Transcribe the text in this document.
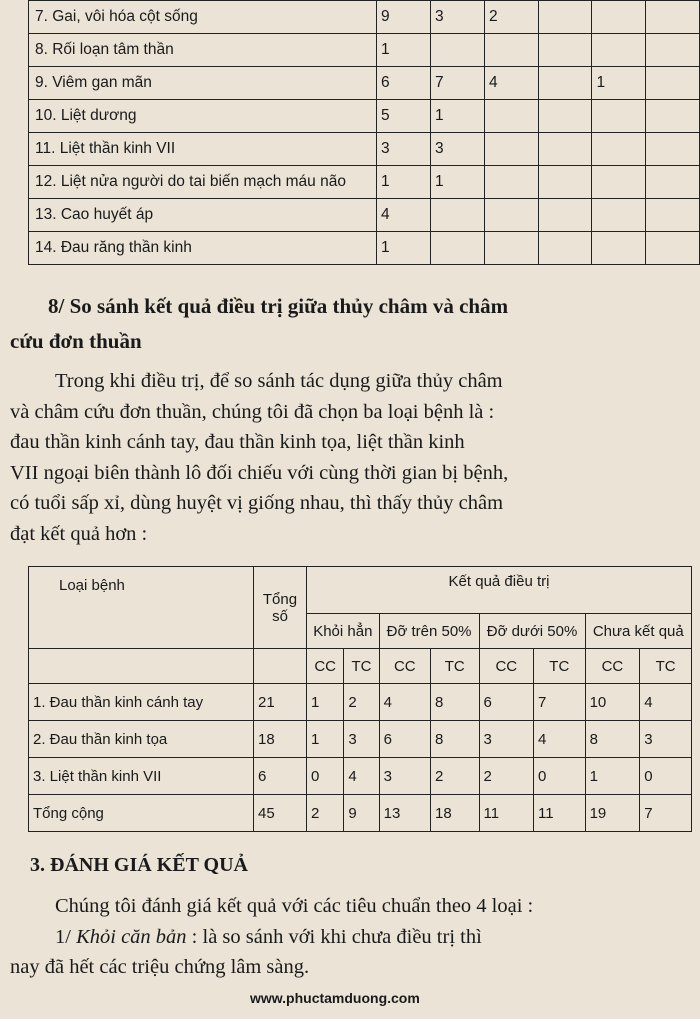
7. Gai, vôi hóa cột sống	9	3	2			
8. Rối loạn tâm thần	1					
9. Viêm gan mãn	6	7	4		1	
10. Liệt dương	5	1				
11. Liệt thần kinh VII	3	3				
12. Liệt nửa người do tai biến mạch máu não	1	1				
13. Cao huyết áp	4					
14. Đau răng thần kinh	1					
8/ So sánh kết quả điều trị giữa thủy châm và châm
cứu đơn thuần
Trong khi điều trị, để so sánh tác dụng giữa thủy châm
và châm cứu đơn thuần, chúng tôi đã chọn ba loại bệnh là :
đau thần kinh cánh tay, đau thần kinh tọa, liệt thần kinh
VII ngoại biên thành lô đối chiếu với cùng thời gian bị bệnh,
có tuổi sấp xỉ, dùng huyệt vị giống nhau, thì thấy thủy châm
đạt kết quả hơn :
Loại bệnh	Tổng số	Kết quả điều trị							
		Khỏi hẳn		Đỡ trên 50%		Đỡ dưới 50%		Chưa kết quả	
		CC	TC	CC	TC	CC	TC	CC	TC
1. Đau thần kinh cánh tay	21	1	2	4	8	6	7	10	4
2. Đau thần kinh tọa	18	1	3	6	8	3	4	8	3
3. Liệt thần kinh VII	6	0	4	3	2	2	0	1	0
Tổng cộng	45	2	9	13	18	11	11	19	7
3. ĐÁNH GIÁ KẾT QUẢ
Chúng tôi đánh giá kết quả với các tiêu chuẩn theo 4 loại :
1/ Khỏi căn bản : là so sánh với khi chưa điều trị thì
nay đã hết các triệu chứng lâm sàng.
www.phuctamduong.com
